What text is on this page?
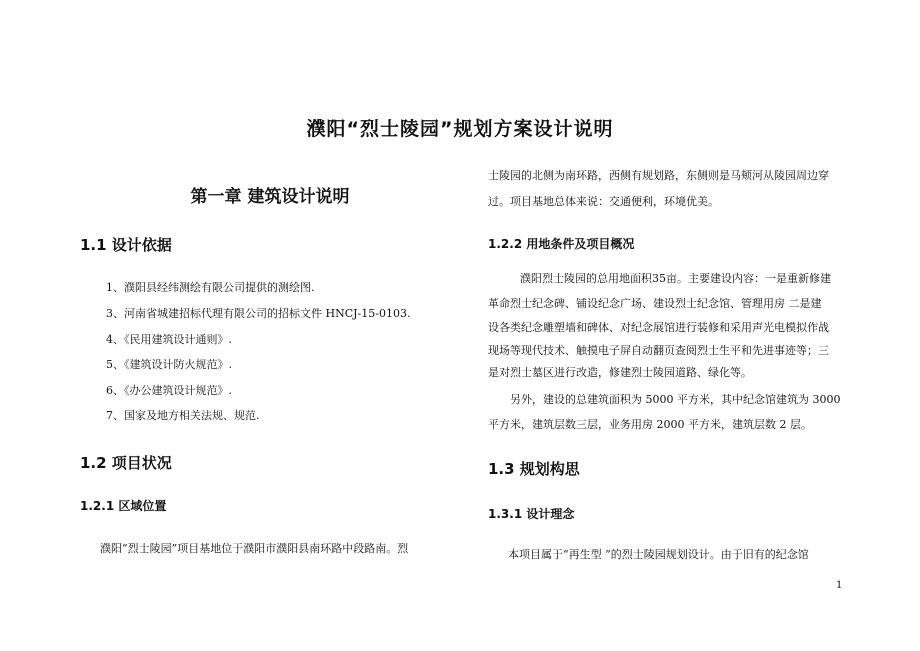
濮阳“烈士陵园”规划方案设计说明
第一章 建筑设计说明
1.1 设计依据
1、濮阳县经纬测绘有限公司提供的测绘图.
3、河南省城建招标代理有限公司的招标文件 HNCJ-15-0103.
4、《民用建筑设计通则》.
5、《建筑设计防火规范》.
6、《办公建筑设计规范》.
7、国家及地方相关法规、规范.
1.2 项目状况
1.2.1 区域位置
濮阳“烈士陵园”项目基地位于濮阳市濮阳县南环路中段路南。烈
士陵园的北侧为南环路，西侧有规划路，东侧则是马颊河从陵园周边穿
过。项目基地总体来说：交通便利，环境优美。
1.2.2 用地条件及项目概况
濮阳烈士陵园的总用地面积35亩。主要建设内容：一是重新修建
革命烈士纪念碑、铺设纪念广场、建设烈士纪念馆、管理用房 二是建
设各类纪念雕塑墙和碑体、对纪念展馆进行装修和采用声光电模拟作战
现场等现代技术、触摸电子屏自动翻页查阅烈士生平和先进事迹等；三
是对烈士墓区进行改造，修建烈士陵园道路、绿化等。
另外，建设的总建筑面积为 5000 平方米，其中纪念馆建筑为 3000
平方米，建筑层数三层，业务用房 2000 平方米，建筑层数 2 层。
1.3 规划构思
1.3.1 设计理念
本项目属于“再生型 ”的烈士陵园规划设计。由于旧有的纪念馆
1
